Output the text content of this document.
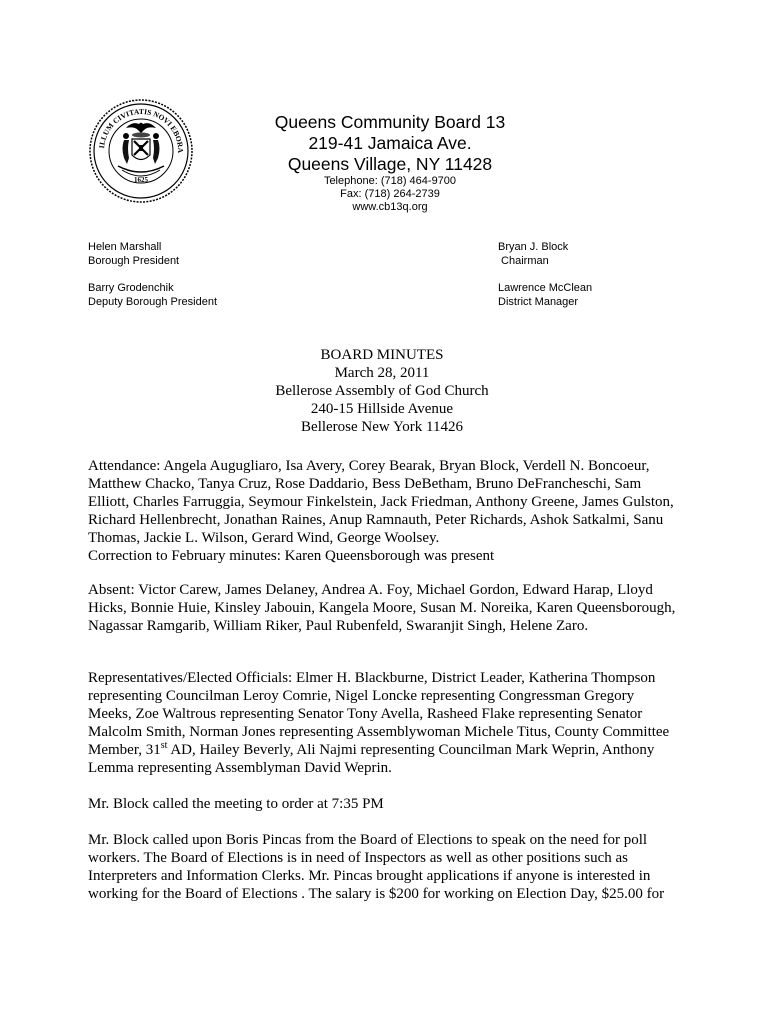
ILLUM CIVITATIS NOVI EBORA
1625
Queens Community Board 13
219-41 Jamaica Ave.
Queens Village, NY 11428
Telephone: (718) 464-9700
Fax: (718) 264-2739
www.cb13q.org
Helen Marshall
Borough President
Barry Grodenchik
Deputy Borough President
Bryan J. Block
Chairman
Lawrence McClean
District Manager
BOARD MINUTES
March 28, 2011
Bellerose Assembly of God Church
240-15 Hillside Avenue
Bellerose New York 11426
Attendance: Angela Augugliaro, Isa Avery, Corey Bearak, Bryan Block, Verdell N. Boncoeur, Matthew Chacko, Tanya Cruz, Rose Daddario, Bess DeBetham, Bruno DeFrancheschi, Sam Elliott, Charles Farruggia, Seymour Finkelstein, Jack Friedman, Anthony Greene, James Gulston, Richard Hellenbrecht, Jonathan Raines, Anup Ramnauth, Peter Richards, Ashok Satkalmi, Sanu Thomas, Jackie L. Wilson, Gerard Wind, George Woolsey.
Correction to February minutes: Karen Queensborough was present
Absent: Victor Carew, James Delaney, Andrea A. Foy, Michael Gordon, Edward Harap, Lloyd Hicks, Bonnie Huie, Kinsley Jabouin, Kangela Moore, Susan M. Noreika, Karen Queensborough, Nagassar Ramgarib, William Riker, Paul Rubenfeld, Swaranjit Singh, Helene Zaro.
Representatives/Elected Officials: Elmer H. Blackburne, District Leader, Katherina Thompson representing Councilman Leroy Comrie, Nigel Loncke representing Congressman Gregory Meeks, Zoe Waltrous representing Senator Tony Avella, Rasheed Flake representing Senator Malcolm Smith, Norman Jones representing Assemblywoman Michele Titus, County Committee Member, 31st AD, Hailey Beverly, Ali Najmi representing Councilman Mark Weprin, Anthony Lemma representing Assemblyman David Weprin.
Mr. Block called the meeting to order at 7:35 PM
Mr. Block called upon Boris Pincas from the Board of Elections to speak on the need for poll workers. The Board of Elections is in need of Inspectors as well as other positions such as Interpreters and Information Clerks. Mr. Pincas brought applications if anyone is interested in working for the Board of Elections . The salary is $200 for working on Election Day, $25.00 for
